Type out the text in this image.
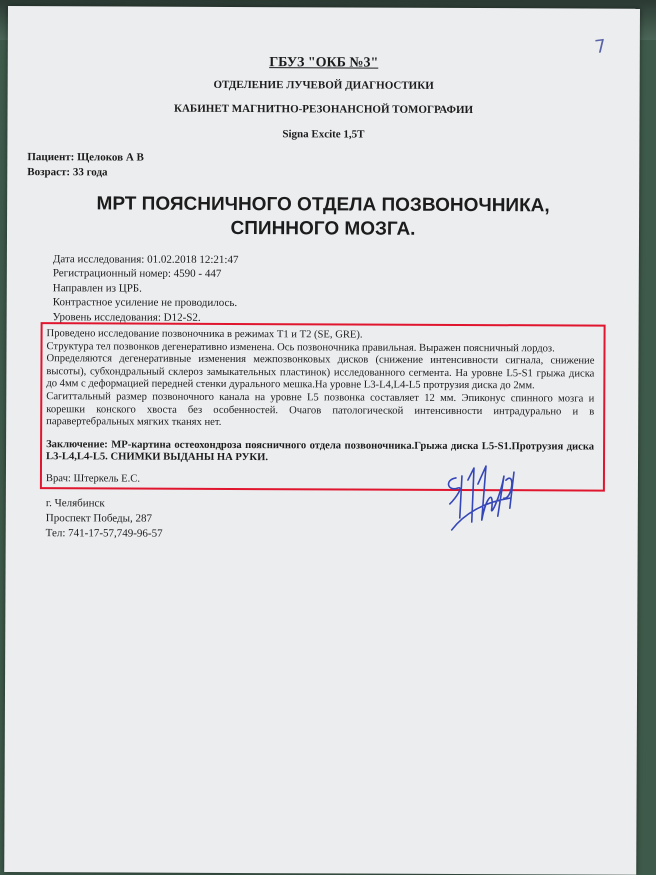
7
ГБУЗ "ОКБ №3"
ОТДЕЛЕНИЕ ЛУЧЕВОЙ ДИАГНОСТИКИ
КАБИНЕТ МАГНИТНО-РЕЗОНАНСНОЙ ТОМОГРАФИИ
Signa Excite 1,5T
Пациент: Щелоков А В
Возраст: 33 года
МРТ ПОЯСНИЧНОГО ОТДЕЛА ПОЗВОНОЧНИКА,
СПИННОГО МОЗГА.
Дата исследования: 01.02.2018 12:21:47
Регистрационный номер: 4590 - 447
Направлен из ЦРБ.
Контрастное усиление не проводилось.
Уровень исследования: D12-S2.

Проведено исследование позвоночника в режимах T1 и T2 (SE, GRE).

Структура тел позвонков дегенеративно изменена. Ось позвоночника правильная. Выражен поясничный лордоз.

Определяются дегенеративные изменения межпозвонковых дисков (снижение интенсивности сигнала, снижение высоты), субхондральный склероз замыкательных пластинок) исследованного сегмента. На уровне L5-S1 грыжа диска до 4мм с деформацией передней стенки дурального мешка.На уровне L3-L4,L4-L5 протрузия диска до 2мм.

Сагиттальный размер позвоночного канала на уровне L5 позвонка составляет 12 мм. Эпиконус спинного мозга и корешки конского хвоста без особенностей. Очагов патологической интенсивности интрадурально и в паравертебральных мягких тканях нет.

Заключение: МР-картина остеохондроза поясничного отдела позвоночника.Грыжа диска L5-S1.Протрузия диска L3-L4,L4-L5. СНИМКИ ВЫДАНЫ НА РУКИ.

Врач: Штеркель Е.С.

г. Челябинск
Проспект Победы, 287
Тел: 741-17-57,749-96-57
